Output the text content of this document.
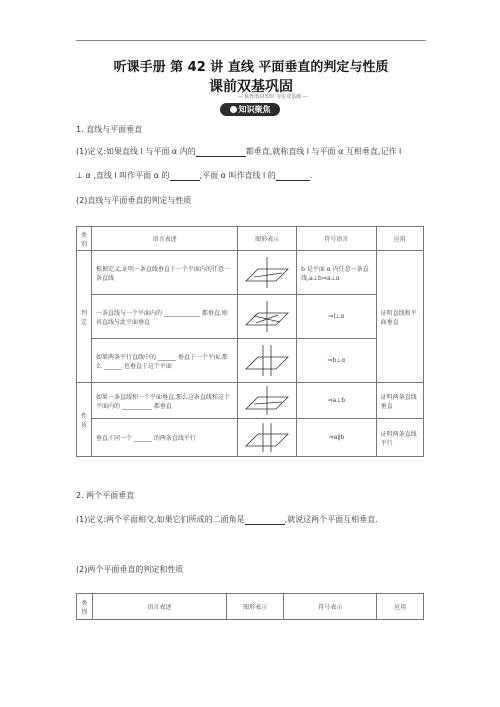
听课手册 第 42 讲 直线 平面垂直的判定与性质
课前双基巩固
— 梳理教材知识 夯实双基础 —
知识聚焦
1. 直线与平面垂直
(1)定义:如果直线 l 与平面 α 内的	都垂直,就称直线 l 与平面 α 互相垂直,记作 l
⊥ α ,直线 l 叫作平面 α 的	,平面 α 叫作直线 l 的	.
(2)直线与平面垂直的判定与性质
类别	语言表述	图形表示	符号语言	应用
判定	根据定义,证明一条直线垂直于一个平面内的任意一条直线		b 是平面 α 内任意一条直线,a⊥b⇒a⊥α	证明直线和平面垂直
	一条直线与一个平面内的 ____________ 都垂直,则该直线与此平面垂直		⇒l⊥α	
	如果两条平行直线中的 ______ 垂直于一个平面,那么 ______ 也垂直于这个平面		⇒b⊥α	
性质	如果一条直线和一个平面垂直,那么这条直线和这个平面内的 __________ 都垂直		⇒a⊥b	证明两条直线垂直
	垂直于同一个 ______ 的两条直线平行		⇒a∥b	证明两条直线平行
2. 两个平面垂直
(1)定义:两个平面相交,如果它们所成的二面角是	,就说这两个平面互相垂直.
(2)两个平面垂直的判定和性质
类别	语言表述	图形表示	符号表示	应用
